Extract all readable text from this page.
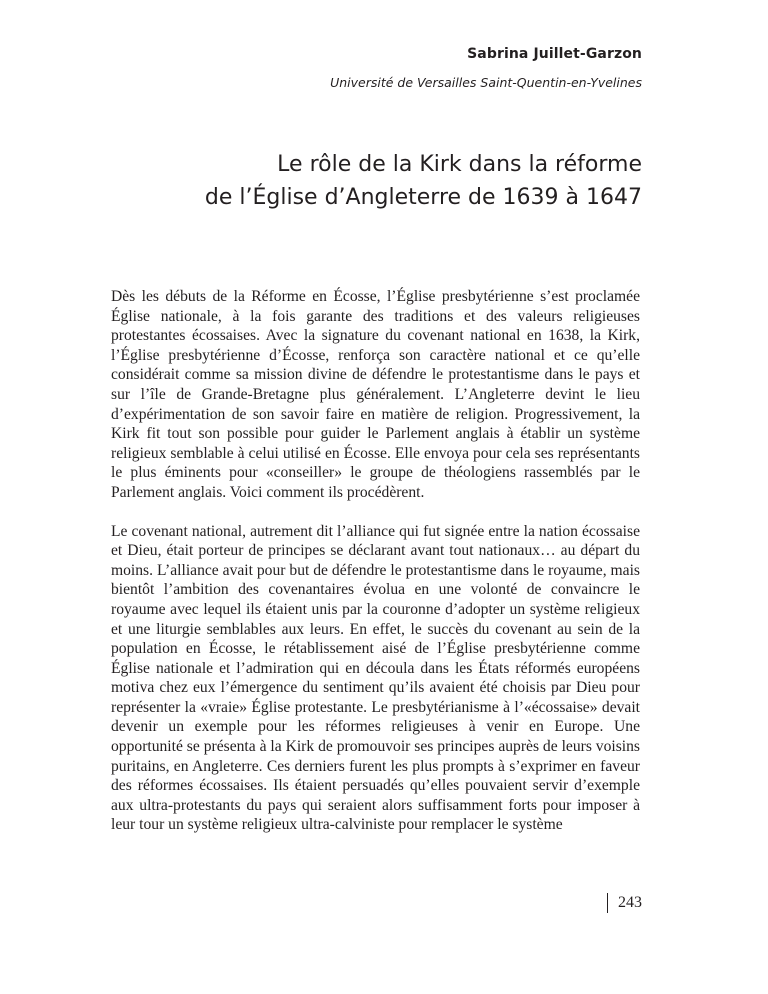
Sabrina Juillet-Garzon

Université de Versailles Saint-Quentin-en-Yvelines

Le rôle de la Kirk dans la réforme
de l’Église d’Angleterre de 1639 à 1647

Dès les débuts de la Réforme en Écosse, l’Église presbytérienne s’est proclamée Église nationale, à la fois garante des traditions et des valeurs religieuses protestantes écossaises. Avec la signature du covenant national en 1638, la Kirk, l’Église presbytérienne d’Écosse, renforça son caractère national et ce qu’elle considérait comme sa mission divine de défendre le protestantisme dans le pays et sur l’île de Grande-Bretagne plus généralement. L’Angleterre devint le lieu d’expérimentation de son savoir faire en matière de religion. Progressivement, la Kirk fit tout son possible pour guider le Parlement anglais à établir un système religieux semblable à celui utilisé en Écosse. Elle envoya pour cela ses représentants le plus éminents pour «conseiller» le groupe de théologiens rassemblés par le Parlement anglais. Voici comment ils procédèrent.

Le covenant national, autrement dit l’alliance qui fut signée entre la nation écossaise et Dieu, était porteur de principes se déclarant avant tout nationaux… au départ du moins. L’alliance avait pour but de défendre le protestantisme dans le royaume, mais bientôt l’ambition des covenantaires évolua en une volonté de convaincre le royaume avec lequel ils étaient unis par la couronne d’adopter un système religieux et une liturgie semblables aux leurs. En effet, le succès du covenant au sein de la population en Écosse, le rétablissement aisé de l’Église presbytérienne comme Église nationale et l’admiration qui en découla dans les États réformés européens motiva chez eux l’émergence du sentiment qu’ils avaient été choisis par Dieu pour représenter la «vraie» Église protestante. Le presbytérianisme à l’«écossaise» devait devenir un exemple pour les réformes religieuses à venir en Europe. Une opportunité se présenta à la Kirk de promouvoir ses principes auprès de leurs voisins puritains, en Angleterre. Ces derniers furent les plus prompts à s’exprimer en faveur des réformes écossaises. Ils étaient persuadés qu’elles pouvaient servir d’exemple aux ultra-protestants du pays qui seraient alors suffisamment forts pour imposer à leur tour un système religieux ultra-calviniste pour remplacer le système

243
